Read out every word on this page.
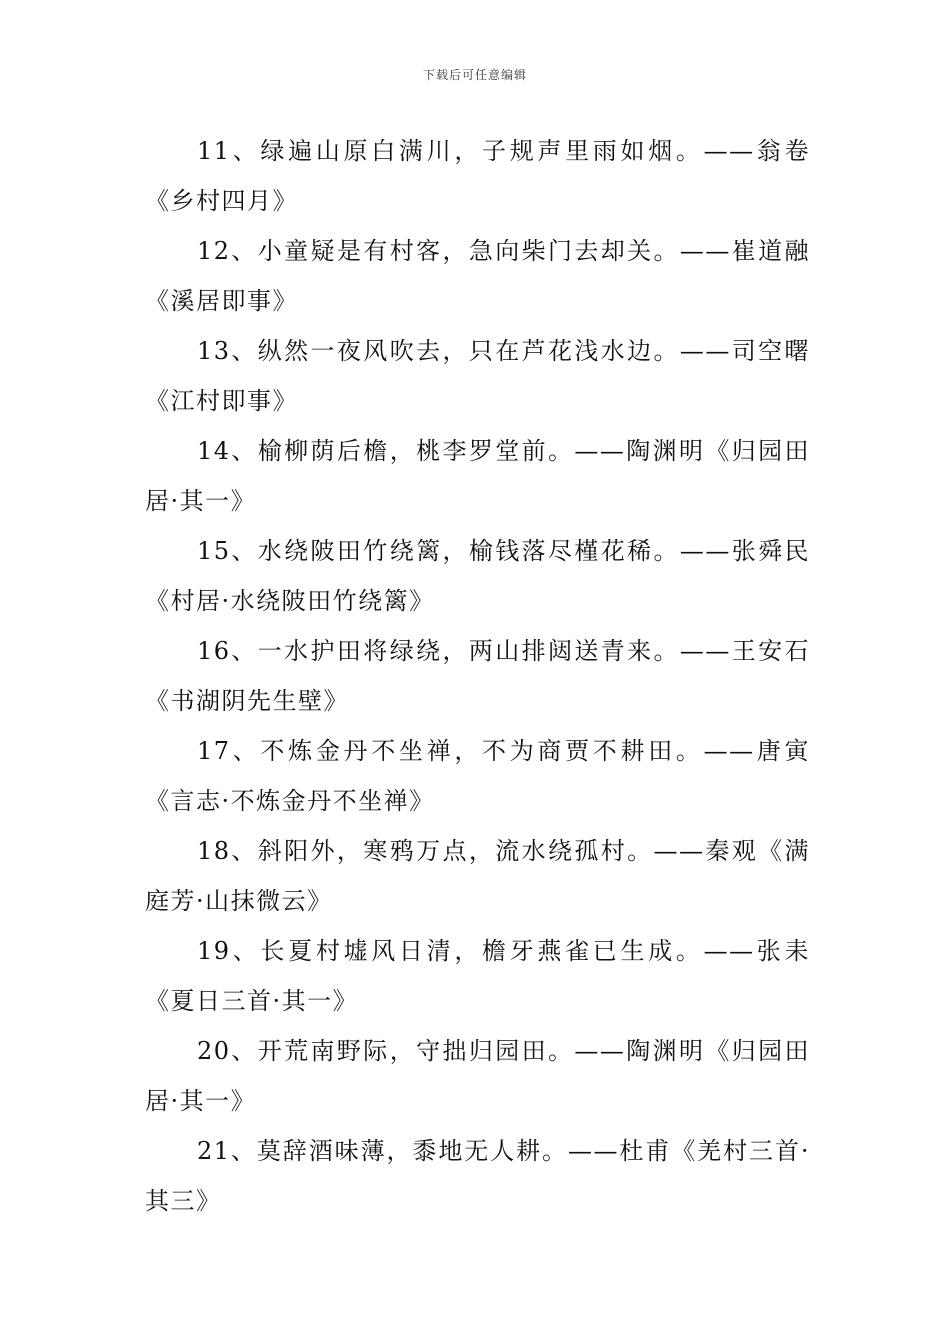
下载后可任意编辑

11、绿遍山原白满川，子规声里雨如烟。——翁卷《乡村四月》

12、小童疑是有村客，急向柴门去却关。——崔道融《溪居即事》

13、纵然一夜风吹去，只在芦花浅水边。——司空曙《江村即事》

14、榆柳荫后檐，桃李罗堂前。——陶渊明《归园田居·其一》

15、水绕陂田竹绕篱，榆钱落尽槿花稀。——张舜民《村居·水绕陂田竹绕篱》

16、一水护田将绿绕，两山排闼送青来。——王安石《书湖阴先生壁》

17、不炼金丹不坐禅，不为商贾不耕田。——唐寅《言志·不炼金丹不坐禅》

18、斜阳外，寒鸦万点，流水绕孤村。——秦观《满庭芳·山抹微云》

19、长夏村墟风日清，檐牙燕雀已生成。——张耒《夏日三首·其一》

20、开荒南野际，守拙归园田。——陶渊明《归园田居·其一》

21、莫辞酒味薄，黍地无人耕。——杜甫《羌村三首·其三》
